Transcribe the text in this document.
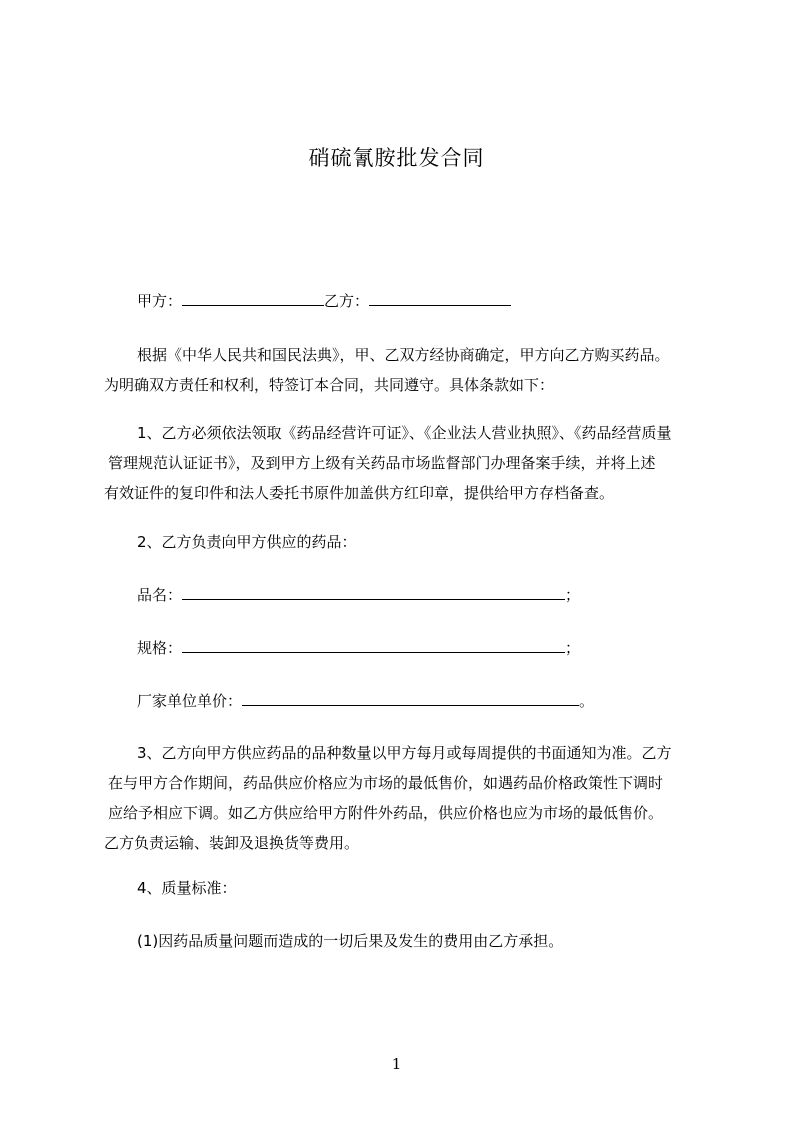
硝硫氰胺批发合同
甲方：	乙方：
根据《中华人民共和国民法典》，甲、乙双方经协商确定，甲方向乙方购买药品。
为明确双方责任和权利，特签订本合同，共同遵守。具体条款如下：
1、乙方必须依法领取《药品经营许可证》、《企业法人营业执照》、《药品经营质量
管理规范认证证书》，及到甲方上级有关药品市场监督部门办理备案手续，并将上述
有效证件的复印件和法人委托书原件加盖供方红印章，提供给甲方存档备查。
2、乙方负责向甲方供应的药品：
品名：	；
规格：	；
厂家单位单价：	。
3、乙方向甲方供应药品的品种数量以甲方每月或每周提供的书面通知为准。乙方
在与甲方合作期间，药品供应价格应为市场的最低售价，如遇药品价格政策性下调时
应给予相应下调。如乙方供应给甲方附件外药品，供应价格也应为市场的最低售价。
乙方负责运输、装卸及退换货等费用。
4、质量标准：
(1)因药品质量问题而造成的一切后果及发生的费用由乙方承担。
1
